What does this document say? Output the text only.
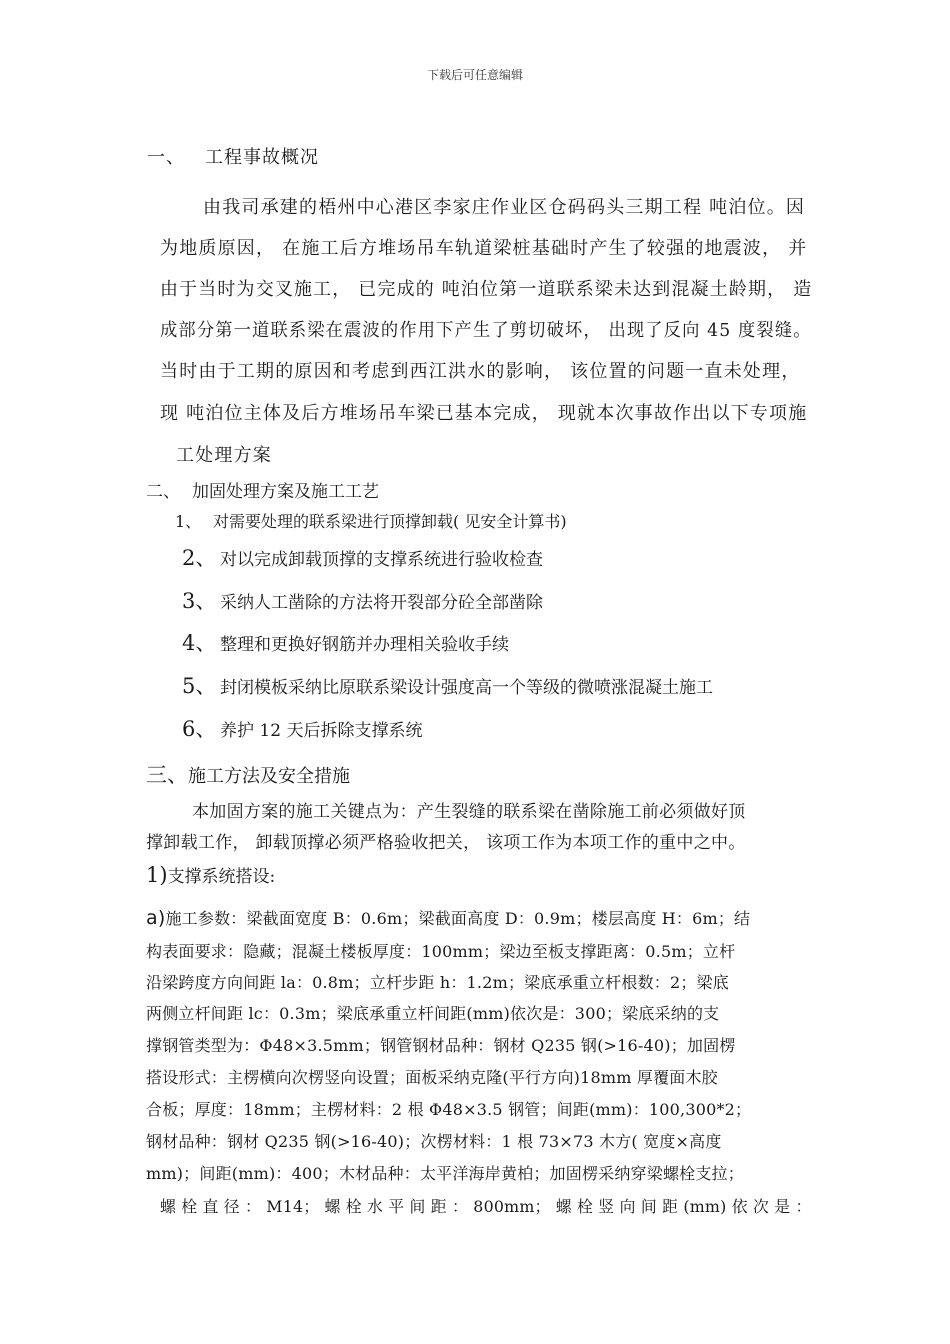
下载后可任意编辑
一、 工程事故概况
由我司承建的梧州中心港区李家庄作业区仓码码头三期工程 吨泊位。因
为地质原因， 在施工后方堆场吊车轨道梁桩基础时产生了较强的地震波， 并
由于当时为交叉施工， 已完成的 吨泊位第一道联系梁未达到混凝土龄期， 造
成部分第一道联系梁在震波的作用下产生了剪切破坏， 出现了反向 45 度裂缝。
当时由于工期的原因和考虑到西江洪水的影响， 该位置的问题一直未处理，
现 吨泊位主体及后方堆场吊车梁已基本完成， 现就本次事故作出以下专项施
工处理方案
二、 加固处理方案及施工工艺
1、 对需要处理的联系梁进行顶撑卸载( 见安全计算书)
2、 对以完成卸载顶撑的支撑系统进行验收检查
3、 采纳人工凿除的方法将开裂部分砼全部凿除
4、 整理和更换好钢筋并办理相关验收手续
5、 封闭模板采纳比原联系梁设计强度高一个等级的微喷涨混凝土施工
6、 养护 12 天后拆除支撑系统
三、施工方法及安全措施
本加固方案的施工关键点为：产生裂缝的联系梁在凿除施工前必须做好顶
撑卸载工作， 卸载顶撑必须严格验收把关， 该项工作为本项工作的重中之中。
1)支撑系统搭设:
a)施工参数：梁截面宽度 B：0.6m；梁截面高度 D：0.9m；楼层高度 H：6m；结
构表面要求：隐藏；混凝土楼板厚度：100mm；梁边至板支撑距离：0.5m；立杆
沿梁跨度方向间距 la：0.8m；立杆步距 h：1.2m；梁底承重立杆根数：2；梁底
两侧立杆间距 lc：0.3m；梁底承重立杆间距(mm)依次是：300；梁底采纳的支
撑钢管类型为：Φ48×3.5mm；钢管钢材品种：钢材 Q235 钢(>16-40)；加固楞
搭设形式：主楞横向次楞竖向设置；面板采纳克隆(平行方向)18mm 厚覆面木胶
合板；厚度：18mm；主楞材料：2 根 Φ48×3.5 钢管；间距(mm)：100,300*2；
钢材品种：钢材 Q235 钢(>16-40)；次楞材料：1 根 73×73 木方( 宽度×高度
mm)；间距(mm)：400；木材品种：太平洋海岸黄柏；加固楞采纳穿梁螺栓支拉；
螺 栓 直 径 ： M14； 螺 栓 水 平 间 距 ： 800mm； 螺 栓 竖 向 间 距 (mm) 依 次 是 ：
